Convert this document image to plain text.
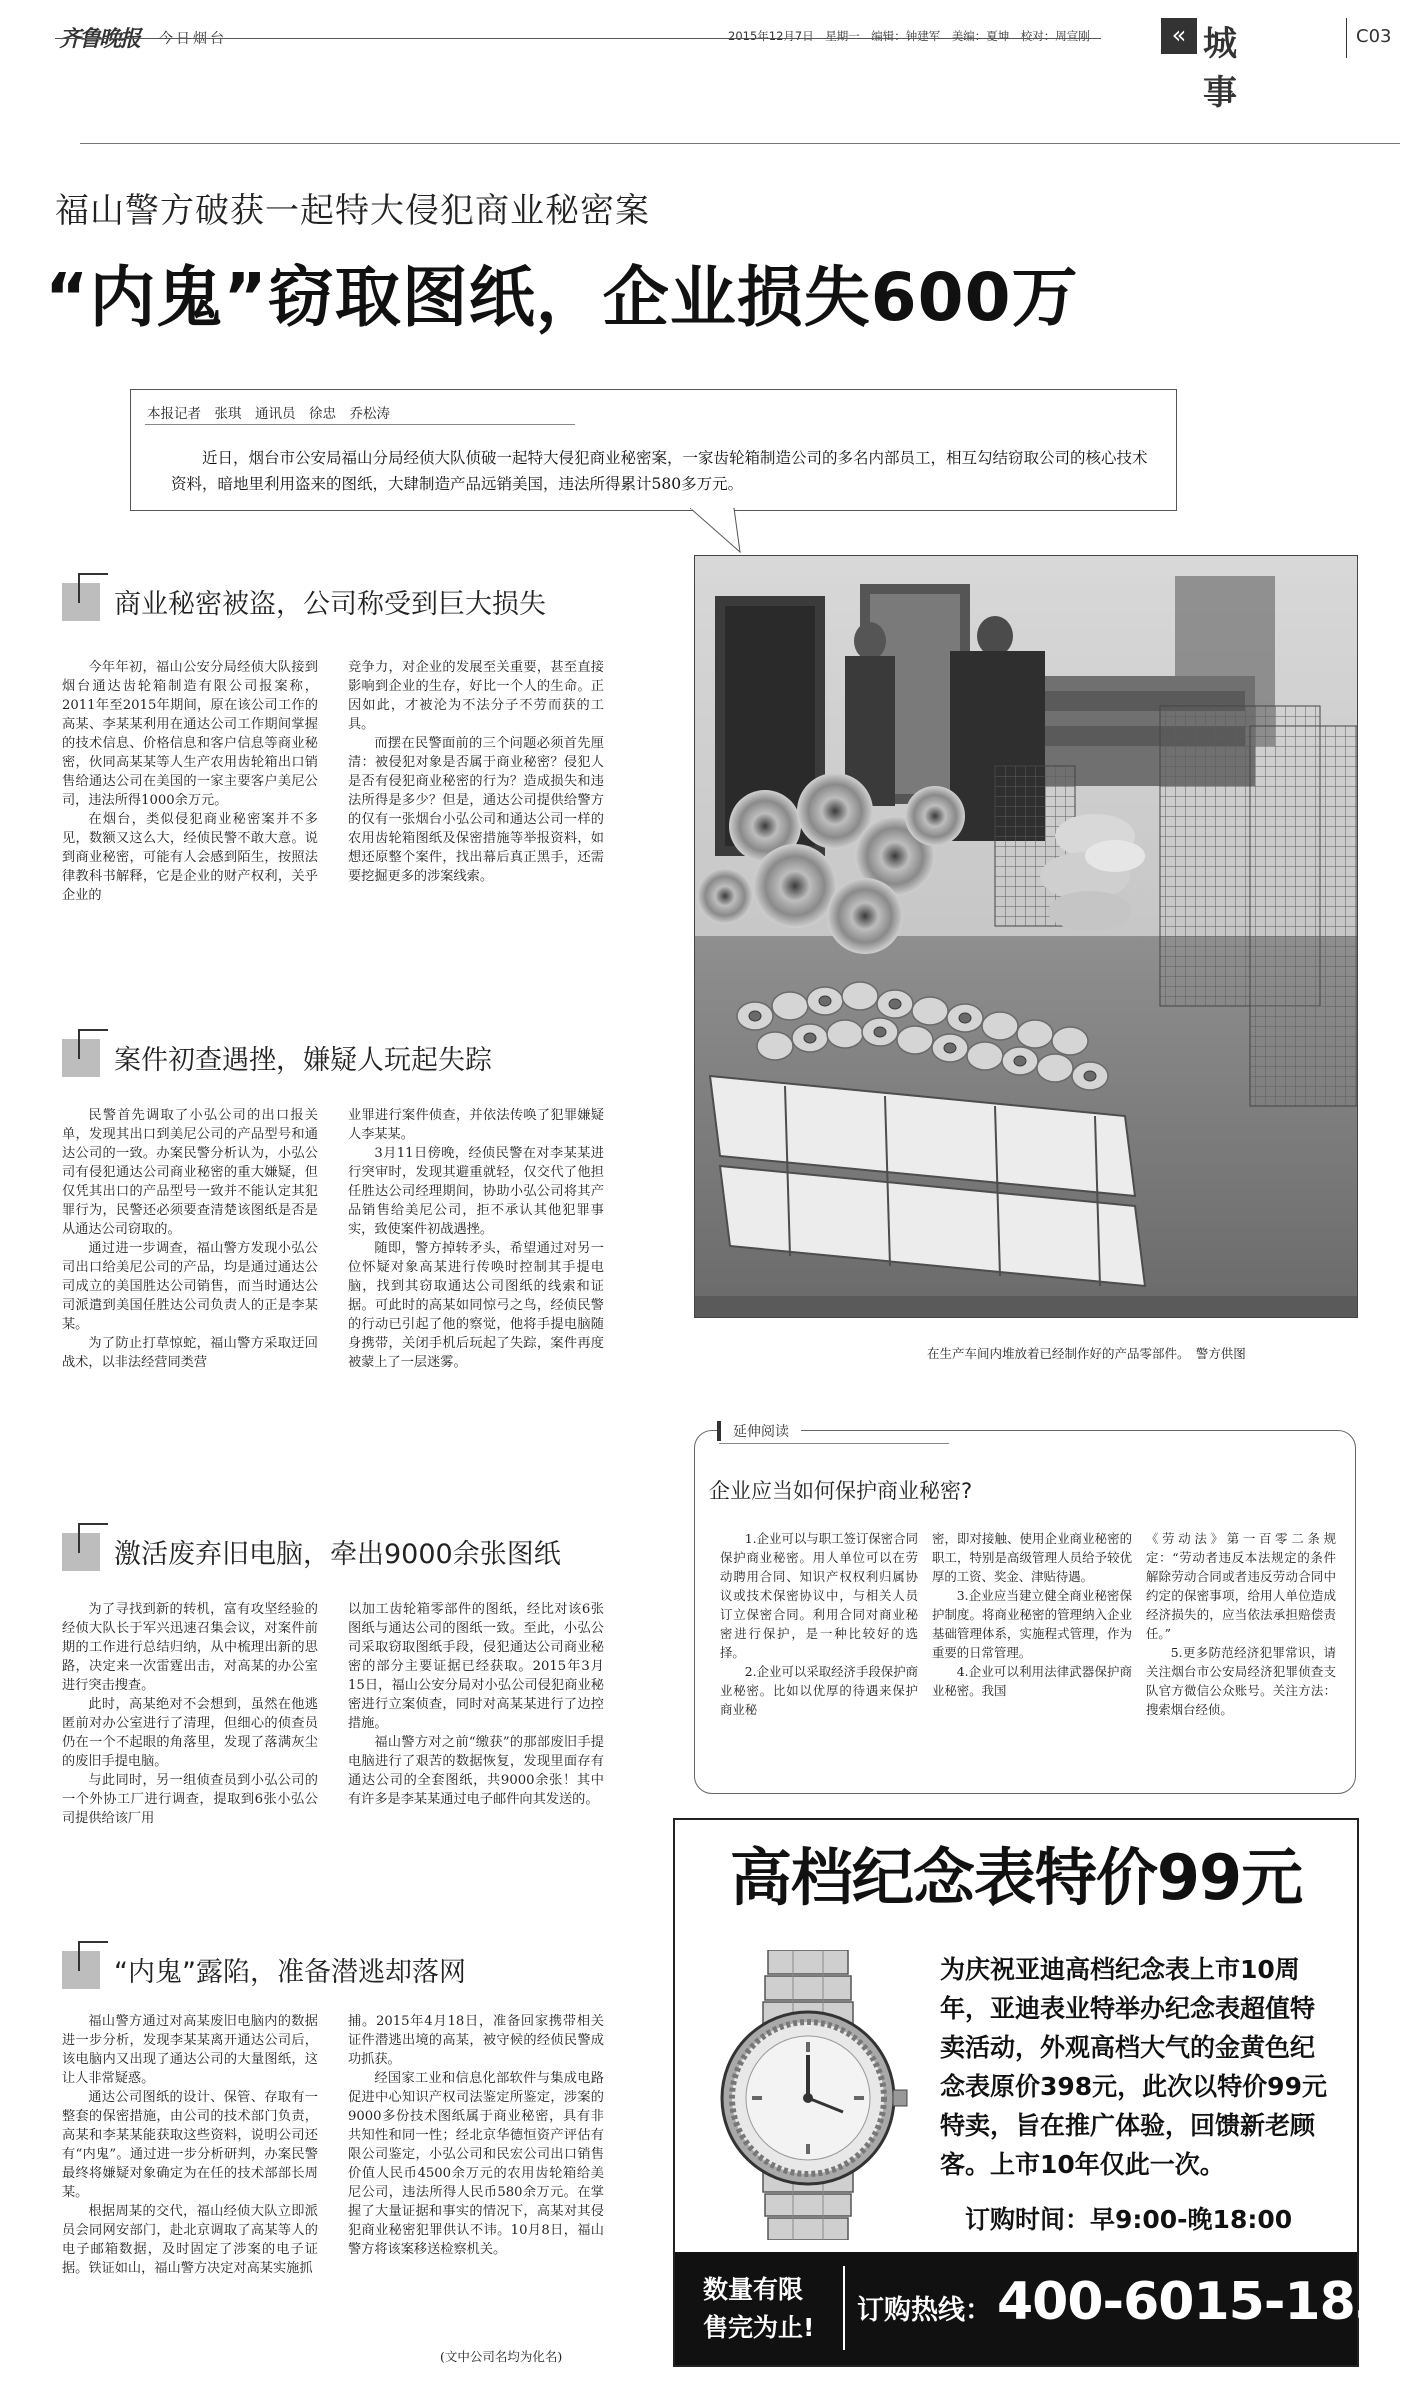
齐鲁晚报 今日烟台	2015年12月7日　星期一　编辑：钟建军　美编：夏坤　校对：周宣刚	« 城事
C03
福山警方破获一起特大侵犯商业秘密案
“内鬼”窃取图纸，企业损失600万
本报记者　张琪　通讯员　徐忠　乔松涛
近日，烟台市公安局福山分局经侦大队侦破一起特大侵犯商业秘密案，一家齿轮箱制造公司的多名内部员工，相互勾结窃取公司的核心技术资料，暗地里利用盗来的图纸，大肆制造产品远销美国，违法所得累计580多万元。
在生产车间内堆放着已经制作好的产品零部件。　警方供图
商业秘密被盗，公司称受到巨大损失

今年年初，福山公安分局经侦大队接到烟台通达齿轮箱制造有限公司报案称，2011年至2015年期间，原在该公司工作的高某、李某某利用在通达公司工作期间掌握的技术信息、价格信息和客户信息等商业秘密，伙同高某某等人生产农用齿轮箱出口销售给通达公司在美国的一家主要客户美尼公司，违法所得1000余万元。

在烟台，类似侵犯商业秘密案并不多见，数额又这么大，经侦民警不敢大意。说到商业秘密，可能有人会感到陌生，按照法律教科书解释，它是企业的财产权利，关乎企业的

竞争力，对企业的发展至关重要，甚至直接影响到企业的生存，好比一个人的生命。正因如此，才被沦为不法分子不劳而获的工具。

而摆在民警面前的三个问题必须首先厘清：被侵犯对象是否属于商业秘密？侵犯人是否有侵犯商业秘密的行为？造成损失和违法所得是多少？但是，通达公司提供给警方的仅有一张烟台小弘公司和通达公司一样的农用齿轮箱图纸及保密措施等举报资料，如想还原整个案件，找出幕后真正黑手，还需要挖掘更多的涉案线索。

案件初查遇挫，嫌疑人玩起失踪

民警首先调取了小弘公司的出口报关单，发现其出口到美尼公司的产品型号和通达公司的一致。办案民警分析认为，小弘公司有侵犯通达公司商业秘密的重大嫌疑，但仅凭其出口的产品型号一致并不能认定其犯罪行为，民警还必须要查清楚该图纸是否是从通达公司窃取的。

通过进一步调查，福山警方发现小弘公司出口给美尼公司的产品，均是通过通达公司成立的美国胜达公司销售，而当时通达公司派遣到美国任胜达公司负责人的正是李某某。

为了防止打草惊蛇，福山警方采取迂回战术，以非法经营同类营

业罪进行案件侦查，并依法传唤了犯罪嫌疑人李某某。

3月11日傍晚，经侦民警在对李某某进行突审时，发现其避重就轻，仅交代了他担任胜达公司经理期间，协助小弘公司将其产品销售给美尼公司，拒不承认其他犯罪事实，致使案件初战遇挫。

随即，警方掉转矛头，希望通过对另一位怀疑对象高某进行传唤时控制其手提电脑，找到其窃取通达公司图纸的线索和证据。可此时的高某如同惊弓之鸟，经侦民警的行动已引起了他的察觉，他将手提电脑随身携带，关闭手机后玩起了失踪，案件再度被蒙上了一层迷雾。

激活废弃旧电脑，牵出9000余张图纸

为了寻找到新的转机，富有攻坚经验的经侦大队长于军兴迅速召集会议，对案件前期的工作进行总结归纳，从中梳理出新的思路，决定来一次雷霆出击，对高某的办公室进行突击搜查。

此时，高某绝对不会想到，虽然在他逃匿前对办公室进行了清理，但细心的侦查员仍在一个不起眼的角落里，发现了落满灰尘的废旧手提电脑。

与此同时，另一组侦查员到小弘公司的一个外协工厂进行调查，提取到6张小弘公司提供给该厂用

以加工齿轮箱零部件的图纸，经比对该6张图纸与通达公司的图纸一致。至此，小弘公司采取窃取图纸手段，侵犯通达公司商业秘密的部分主要证据已经获取。2015年3月15日，福山公安分局对小弘公司侵犯商业秘密进行立案侦查，同时对高某某进行了边控措施。

福山警方对之前“缴获”的那部废旧手提电脑进行了艰苦的数据恢复，发现里面存有通达公司的全套图纸，共9000余张！其中有许多是李某某通过电子邮件向其发送的。

“内鬼”露陷，准备潜逃却落网

福山警方通过对高某废旧电脑内的数据进一步分析，发现李某某离开通达公司后，该电脑内又出现了通达公司的大量图纸，这让人非常疑惑。

通达公司图纸的设计、保管、存取有一整套的保密措施，由公司的技术部门负责，高某和李某某能获取这些资料，说明公司还有“内鬼”。通过进一步分析研判，办案民警最终将嫌疑对象确定为在任的技术部部长周某。

根据周某的交代，福山经侦大队立即派员会同网安部门，赴北京调取了高某等人的电子邮箱数据，及时固定了涉案的电子证据。铁证如山，福山警方决定对高某实施抓

捕。2015年4月18日，准备回家携带相关证件潜逃出境的高某，被守候的经侦民警成功抓获。

经国家工业和信息化部软件与集成电路促进中心知识产权司法鉴定所鉴定，涉案的9000多份技术图纸属于商业秘密，具有非共知性和同一性；经北京华德恒资产评估有限公司鉴定，小弘公司和民宏公司出口销售价值人民币4500余万元的农用齿轮箱给美尼公司，违法所得人民币580余万元。在掌握了大量证据和事实的情况下，高某对其侵犯商业秘密犯罪供认不讳。10月8日，福山警方将该案移送检察机关。

(文中公司名均为化名)
延伸阅读
企业应当如何保护商业秘密?

1.企业可以与职工签订保密合同保护商业秘密。用人单位可以在劳动聘用合同、知识产权权利归属协议或技术保密协议中，与相关人员订立保密合同。利用合同对商业秘密进行保护，是一种比较好的选择。

2.企业可以采取经济手段保护商业秘密。比如以优厚的待遇来保护商业秘

密，即对接触、使用企业商业秘密的职工，特别是高级管理人员给予较优厚的工资、奖金、津贴待遇。

3.企业应当建立健全商业秘密保护制度。将商业秘密的管理纳入企业基础管理体系，实施程式管理，作为重要的日常管理。

4.企业可以利用法律武器保护商业秘密。我国

《劳动法》第一百零二条规定：“劳动者违反本法规定的条件解除劳动合同或者违反劳动合同中约定的保密事项，给用人单位造成经济损失的，应当依法承担赔偿责任。”

5.更多防范经济犯罪常识，请关注烟台市公安局经济犯罪侦查支队官方微信公众账号。关注方法：搜索烟台经侦。

高档纪念表特价99元
为庆祝亚迪高档纪念表上市10周年，亚迪表业特举办纪念表超值特卖活动，外观高档大气的金黄色纪念表原价398元，此次以特价99元特卖，旨在推广体验，回馈新老顾客。上市10年仅此一次。
订购时间：早9:00-晚18:00
数量有限
售完为止!
订购热线： 400-6015-183
